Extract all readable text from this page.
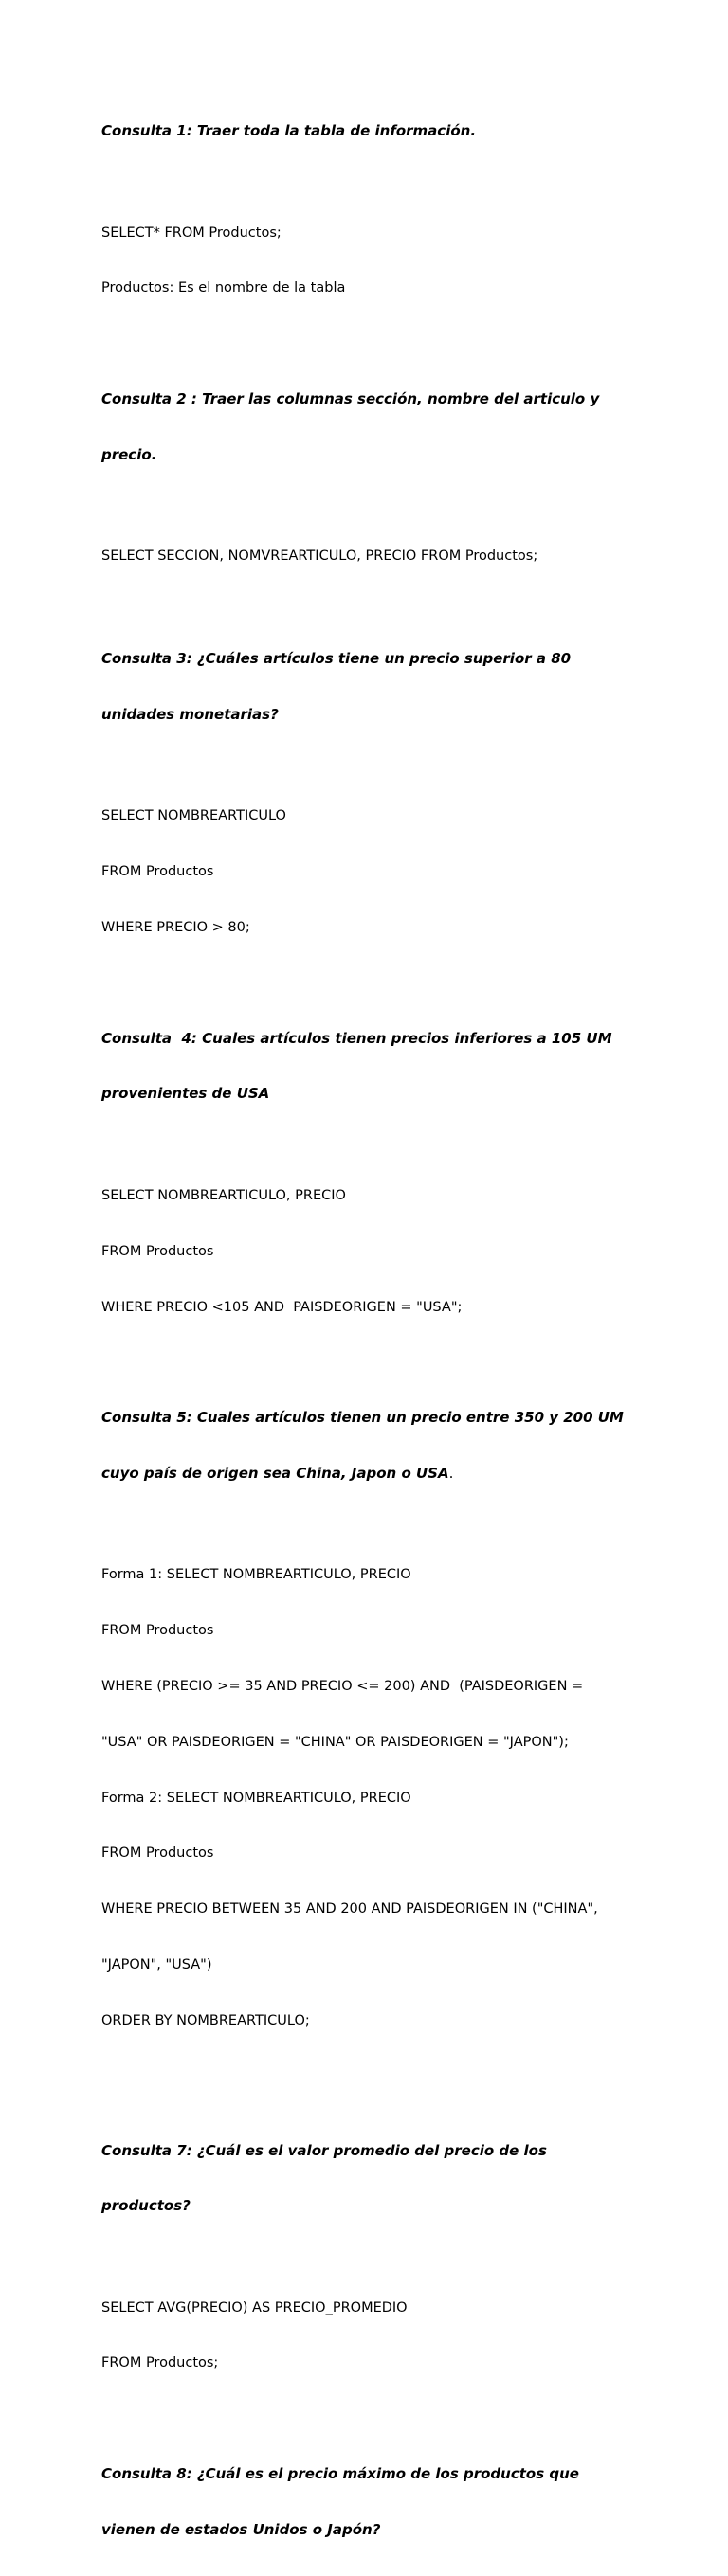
Consulta 1: Traer toda la tabla de información.

SELECT* FROM Productos;

Productos: Es el nombre de la tabla

Consulta 2 : Traer las columnas sección, nombre del articulo y

precio.

SELECT SECCION, NOMVREARTICULO, PRECIO FROM Productos;

Consulta 3: ¿Cuáles artículos tiene un precio superior a 80

unidades monetarias?

SELECT NOMBREARTICULO

FROM Productos

WHERE PRECIO > 80;

Consulta  4: Cuales artículos tienen precios inferiores a 105 UM

provenientes de USA

SELECT NOMBREARTICULO, PRECIO

FROM Productos

WHERE PRECIO <105 AND  PAISDEORIGEN = "USA";

Consulta 5: Cuales artículos tienen un precio entre 350 y 200 UM

cuyo país de origen sea China, Japon o USA.

Forma 1: SELECT NOMBREARTICULO, PRECIO

FROM Productos

WHERE (PRECIO >= 35 AND PRECIO <= 200) AND  (PAISDEORIGEN =

"USA" OR PAISDEORIGEN = "CHINA" OR PAISDEORIGEN = "JAPON");

Forma 2: SELECT NOMBREARTICULO, PRECIO

FROM Productos

WHERE PRECIO BETWEEN 35 AND 200 AND PAISDEORIGEN IN ("CHINA",

"JAPON", "USA")

ORDER BY NOMBREARTICULO;

Consulta 7: ¿Cuál es el valor promedio del precio de los

productos?

SELECT AVG(PRECIO) AS PRECIO_PROMEDIO

FROM Productos;

Consulta 8: ¿Cuál es el precio máximo de los productos que

vienen de estados Unidos o Japón?
